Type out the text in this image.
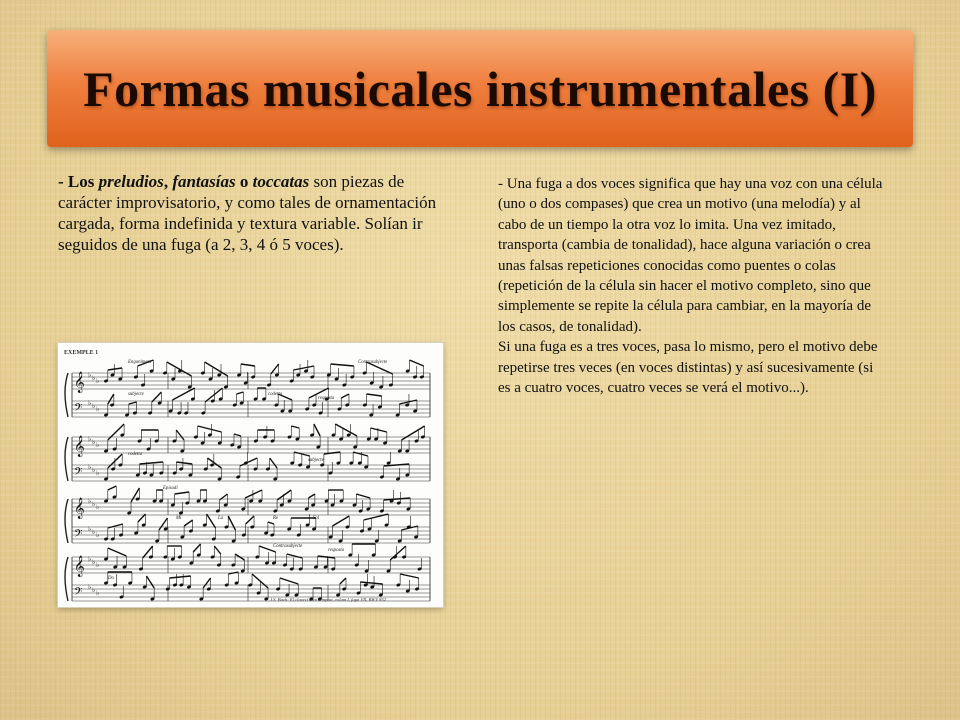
Formas musicales instrumentales (I)
- Los preludios, fantasías o toccatas son piezas de carácter improvisatorio, y como tales de ornamentación cargada, forma indefinida y textura variable. Solían ir seguidos de una fuga (a 2, 3, 4 ó 5 voces).

- Una fuga a dos voces significa que hay una voz con una célula (uno o dos compases) que crea un motivo (una melodía) y al cabo de un tiempo la otra voz lo imita. Una vez imitado, transporta (cambia de tonalidad), hace alguna variación o crea unas falsas repeticiones conocidas como puentes o colas (repetición de la célula sin hacer el motivo completo, sino que simplemente se repite la célula para cambiar, en la mayoría de los casos, de tonalidad).

Si una fuga es a tres voces, pasa lo mismo, pero el motivo debe repetirse tres veces (en voces distintas) y así sucesivamente (si es a cuatro voces, cuatro veces se verá el motivo...).

EXEMPLE 1
𝄞 ♭ ♭ ♭
𝄢 ♭ ♭ ♭
𝄞 ♭ ♭ ♭
𝄢 ♭ ♭ ♭
𝄞 ♭ ♭ ♭
𝄢 ♭ ♭ ♭
𝄞 ♭ ♭ ♭
𝄢 ♭ ♭ ♭
Engoniment	Contrasubjecte
subjecte	codetta
resposta
codetta
subjecte
Episodi
Mi	La	Re	Sol
Contrasubjecte
resposta
Do
J.S. Bach: El clavecí bien temprat, volum I, fuga VII, BWV 852
